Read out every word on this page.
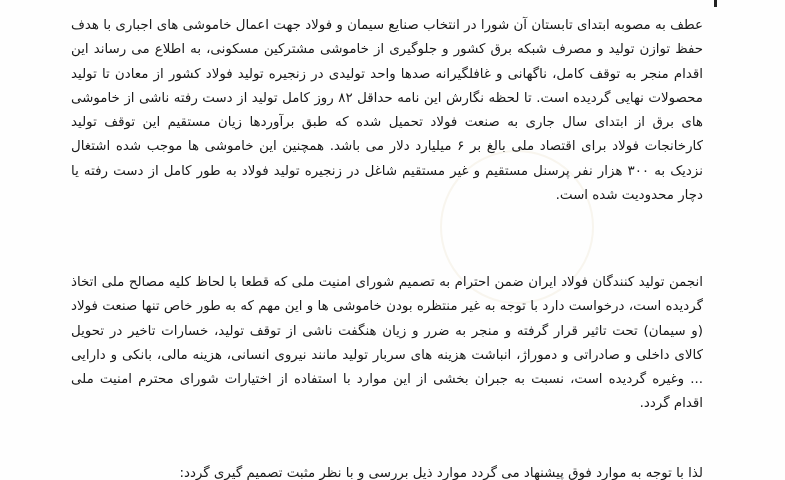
عطف به مصوبه ابتدای تابستان آن شورا در انتخاب صنایع سیمان و فولاد جهت اعمال خاموشی های اجباری با هدف حفظ توازن تولید و مصرف شبکه برق کشور و جلوگیری از خاموشی مشترکین مسکونی، به اطلاع می رساند این اقدام منجر به توقف کامل، ناگهانی و غافلگیرانه صدها واحد تولیدی در زنجیره تولید فولاد کشور از معادن تا تولید محصولات نهایی گردیده است. تا لحظه نگارش این نامه حداقل ۸۲ روز کامل تولید از دست رفته ناشی از خاموشی های برق از ابتدای سال جاری به صنعت فولاد تحمیل شده که طبق برآوردها زیان مستقیم این توقف تولید کارخانجات فولاد برای اقتصاد ملی بالغ بر ۶ میلیارد دلار می باشد. همچنین این خاموشی ها موجب شده اشتغال نزدیک به ۳۰۰ هزار نفر پرسنل مستقیم و غیر مستقیم شاغل در زنجیره تولید فولاد به طور کامل از دست رفته یا دچار محدودیت شده است.

انجمن تولید کنندگان فولاد ایران ضمن احترام به تصمیم شورای امنیت ملی که قطعا با لحاظ کلیه مصالح ملی اتخاذ گردیده است، درخواست دارد با توجه به غیر منتظره بودن خاموشی ها و این مهم که به طور خاص تنها صنعت فولاد (و سیمان) تحت تاثیر قرار گرفته و منجر به ضرر و زیان هنگفت ناشی از توقف تولید، خسارات تاخیر در تحویل کالای داخلی و صادراتی و دموراژ، انباشت هزینه های سربار تولید مانند نیروی انسانی، هزینه مالی، بانکی و دارایی ... وغیره گردیده است، نسبت به جبران بخشی از این موارد با استفاده از اختیارات شورای محترم امنیت ملی اقدام گردد.

لذا با توجه به موارد فوق پیشنهاد می گردد موارد ذیل بررسی و با نظر مثبت تصمیم گیری گردد:
